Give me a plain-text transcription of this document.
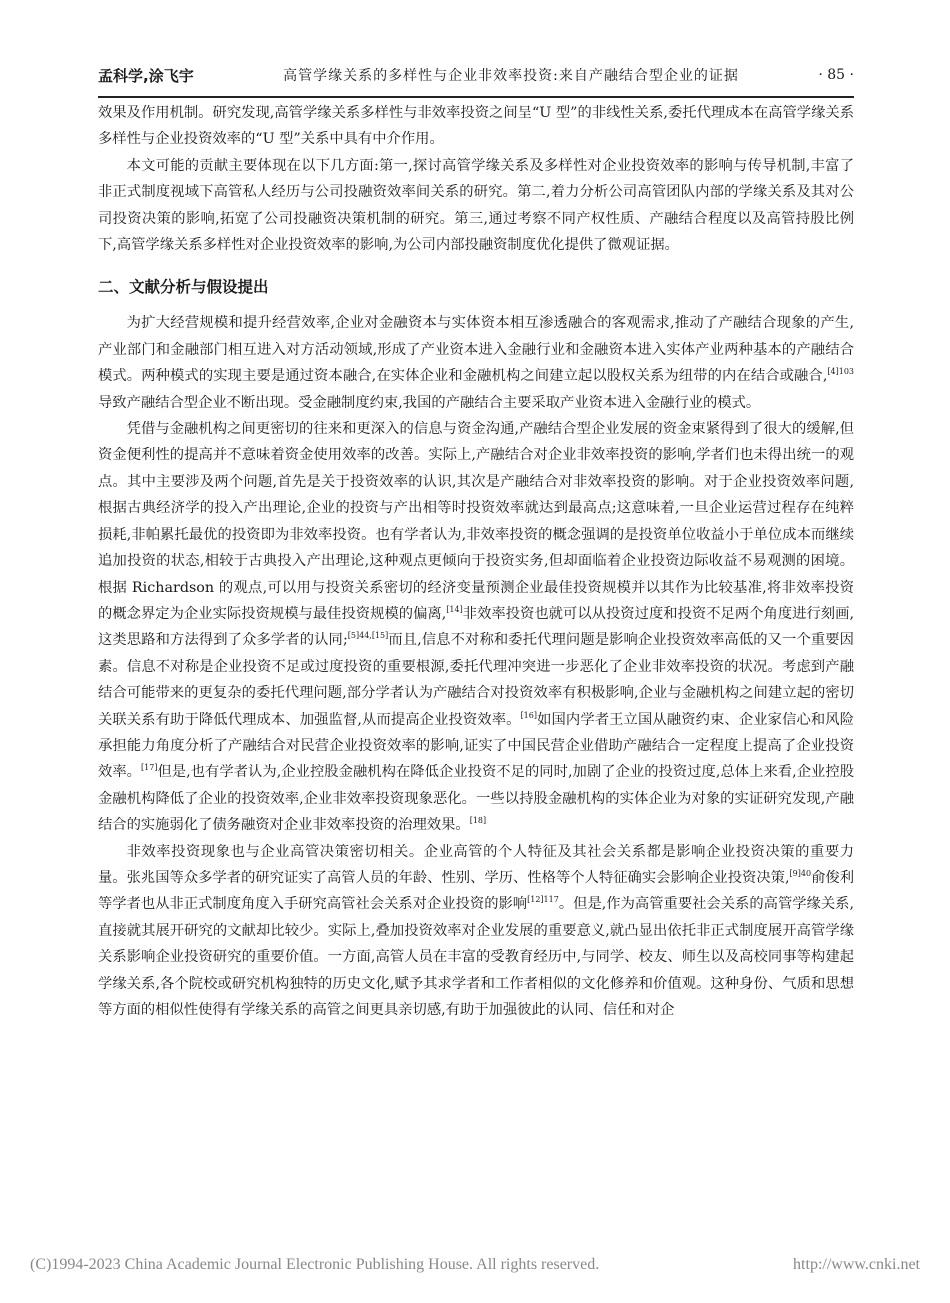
孟科学,涂飞宇	高管学缘关系的多样性与企业非效率投资:来自产融结合型企业的证据	· 85 ·

效果及作用机制。研究发现,高管学缘关系多样性与非效率投资之间呈“U 型”的非线性关系,委托代理成本在高管学缘关系多样性与企业投资效率的“U 型”关系中具有中介作用。

本文可能的贡献主要体现在以下几方面:第一,探讨高管学缘关系及多样性对企业投资效率的影响与传导机制,丰富了非正式制度视域下高管私人经历与公司投融资效率间关系的研究。第二,着力分析公司高管团队内部的学缘关系及其对公司投资决策的影响,拓宽了公司投融资决策机制的研究。第三,通过考察不同产权性质、产融结合程度以及高管持股比例下,高管学缘关系多样性对企业投资效率的影响,为公司内部投融资制度优化提供了微观证据。

二、文献分析与假设提出

为扩大经营规模和提升经营效率,企业对金融资本与实体资本相互渗透融合的客观需求,推动了产融结合现象的产生,产业部门和金融部门相互进入对方活动领域,形成了产业资本进入金融行业和金融资本进入实体产业两种基本的产融结合模式。两种模式的实现主要是通过资本融合,在实体企业和金融机构之间建立起以股权关系为纽带的内在结合或融合,$^{[4]103}$导致产融结合型企业不断出现。受金融制度约束,我国的产融结合主要采取产业资本进入金融行业的模式。

凭借与金融机构之间更密切的往来和更深入的信息与资金沟通,产融结合型企业发展的资金束紧得到了很大的缓解,但资金便利性的提高并不意味着资金使用效率的改善。实际上,产融结合对企业非效率投资的影响,学者们也未得出统一的观点。其中主要涉及两个问题,首先是关于投资效率的认识,其次是产融结合对非效率投资的影响。对于企业投资效率问题,根据古典经济学的投入产出理论,企业的投资与产出相等时投资效率就达到最高点;这意味着,一旦企业运营过程存在纯粹损耗,非帕累托最优的投资即为非效率投资。也有学者认为,非效率投资的概念强调的是投资单位收益小于单位成本而继续追加投资的状态,相较于古典投入产出理论,这种观点更倾向于投资实务,但却面临着企业投资边际收益不易观测的困境。根据 Richardson 的观点,可以用与投资关系密切的经济变量预测企业最佳投资规模并以其作为比较基准,将非效率投资的概念界定为企业实际投资规模与最佳投资规模的偏离,[14]非效率投资也就可以从投资过度和投资不足两个角度进行刻画,这类思路和方法得到了众多学者的认同;[5]44,[15]而且,信息不对称和委托代理问题是影响企业投资效率高低的又一个重要因素。信息不对称是企业投资不足或过度投资的重要根源,委托代理冲突进一步恶化了企业非效率投资的状况。考虑到产融结合可能带来的更复杂的委托代理问题,部分学者认为产融结合对投资效率有积极影响,企业与金融机构之间建立起的密切关联关系有助于降低代理成本、加强监督,从而提高企业投资效率。[16]如国内学者王立国从融资约束、企业家信心和风险承担能力角度分析了产融结合对民营企业投资效率的影响,证实了中国民营企业借助产融结合一定程度上提高了企业投资效率。[17]但是,也有学者认为,企业控股金融机构在降低企业投资不足的同时,加剧了企业的投资过度,总体上来看,企业控股金融机构降低了企业的投资效率,企业非效率投资现象恶化。一些以持股金融机构的实体企业为对象的实证研究发现,产融结合的实施弱化了债务融资对企业非效率投资的治理效果。[18]

非效率投资现象也与企业高管决策密切相关。企业高管的个人特征及其社会关系都是影响企业投资决策的重要力量。张兆国等众多学者的研究证实了高管人员的年龄、性别、学历、性格等个人特征确实会影响企业投资决策,$^{[9]40}$俞俊利等学者也从非正式制度角度入手研究高管社会关系对企业投资的影响$^{[12]117}$。但是,作为高管重要社会关系的高管学缘关系,直接就其展开研究的文献却比较少。实际上,叠加投资效率对企业发展的重要意义,就凸显出依托非正式制度展开高管学缘关系影响企业投资研究的重要价值。一方面,高管人员在丰富的受教育经历中,与同学、校友、师生以及高校同事等构建起学缘关系,各个院校或研究机构独特的历史文化,赋予其求学者和工作者相似的文化修养和价值观。这种身份、气质和思想等方面的相似性使得有学缘关系的高管之间更具亲切感,有助于加强彼此的认同、信任和对企

(C)1994-2023 China Academic Journal Electronic Publishing House. All rights reserved.	http://www.cnki.net
